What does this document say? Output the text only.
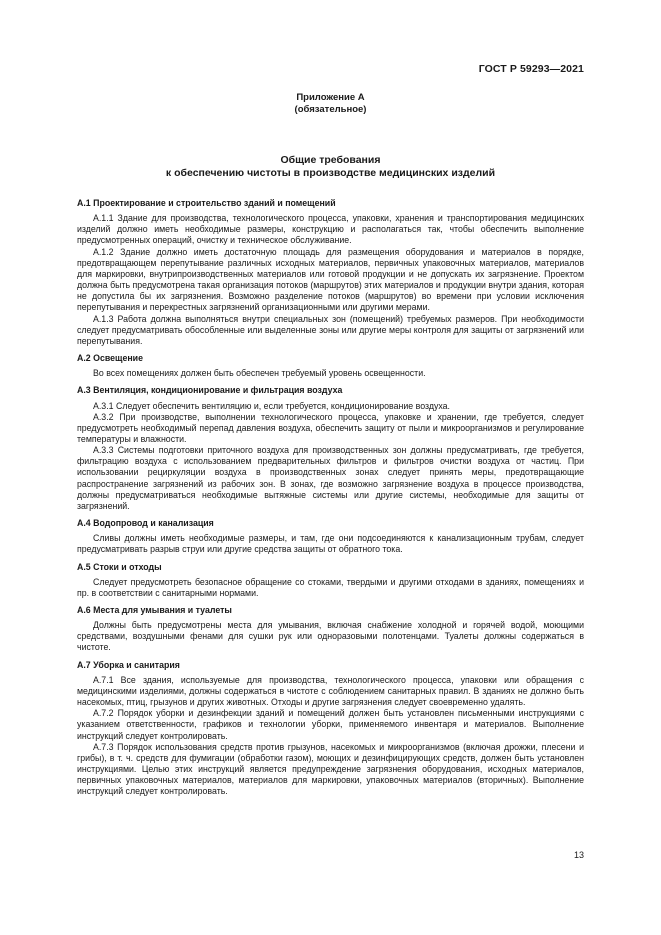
ГОСТ Р 59293—2021
Приложение А
(обязательное)
Общие требования
к обеспечению чистоты в производстве медицинских изделий
А.1 Проектирование и строительство зданий и помещений

А.1.1 Здание для производства, технологического процесса, упаковки, хранения и транспортирования медицинских изделий должно иметь необходимые размеры, конструкцию и располагаться так, чтобы обеспечить выполнение предусмотренных операций, очистку и техническое обслуживание.

А.1.2 Здание должно иметь достаточную площадь для размещения оборудования и материалов в порядке, предотвращающем перепутывание различных исходных материалов, первичных упаковочных материалов, материалов для маркировки, внутрипроизводственных материалов или готовой продукции и не допускать их загрязнение. Проектом должна быть предусмотрена такая организация потоков (маршрутов) этих материалов и продукции внутри здания, которая не допустила бы их загрязнения. Возможно разделение потоков (маршрутов) во времени при условии исключения перепутывания и перекрестных загрязнений организационными или другими мерами.

А.1.3 Работа должна выполняться внутри специальных зон (помещений) требуемых размеров. При необходимости следует предусматривать обособленные или выделенные зоны или другие меры контроля для защиты от загрязнений или перепутывания.

А.2 Освещение

Во всех помещениях должен быть обеспечен требуемый уровень освещенности.

А.3 Вентиляция, кондиционирование и фильтрация воздуха

А.3.1 Следует обеспечить вентиляцию и, если требуется, кондиционирование воздуха.

А.3.2 При производстве, выполнении технологического процесса, упаковке и хранении, где требуется, следует предусмотреть необходимый перепад давления воздуха, обеспечить защиту от пыли и микроорганизмов и регулирование температуры и влажности.

А.3.3 Системы подготовки приточного воздуха для производственных зон должны предусматривать, где требуется, фильтрацию воздуха с использованием предварительных фильтров и фильтров очистки воздуха от частиц. При использовании рециркуляции воздуха в производственных зонах следует принять меры, предотвращающие распространение загрязнений из рабочих зон. В зонах, где возможно загрязнение воздуха в процессе производства, должны предусматриваться необходимые вытяжные системы или другие системы, необходимые для защиты от загрязнений.

А.4 Водопровод и канализация

Сливы должны иметь необходимые размеры, и там, где они подсоединяются к канализационным трубам, следует предусматривать разрыв струи или другие средства защиты от обратного тока.

А.5 Стоки и отходы

Следует предусмотреть безопасное обращение со стоками, твердыми и другими отходами в зданиях, помещениях и пр. в соответствии с санитарными нормами.

А.6 Места для умывания и туалеты

Должны быть предусмотрены места для умывания, включая снабжение холодной и горячей водой, моющими средствами, воздушными фенами для сушки рук или одноразовыми полотенцами. Туалеты должны содержаться в чистоте.

А.7 Уборка и санитария

А.7.1 Все здания, используемые для производства, технологического процесса, упаковки или обращения с медицинскими изделиями, должны содержаться в чистоте с соблюдением санитарных правил. В зданиях не должно быть насекомых, птиц, грызунов и других животных. Отходы и другие загрязнения следует своевременно удалять.

А.7.2 Порядок уборки и дезинфекции зданий и помещений должен быть установлен письменными инструкциями с указанием ответственности, графиков и технологии уборки, применяемого инвентаря и материалов. Выполнение инструкций следует контролировать.

А.7.3 Порядок использования средств против грызунов, насекомых и микроорганизмов (включая дрожжи, плесени и грибы), в т. ч. средств для фумигации (обработки газом), моющих и дезинфицирующих средств, должен быть установлен инструкциями. Целью этих инструкций является предупреждение загрязнения оборудования, исходных материалов, первичных упаковочных материалов, материалов для маркировки, упаковочных материалов (вторичных). Выполнение инструкций следует контролировать.

13
